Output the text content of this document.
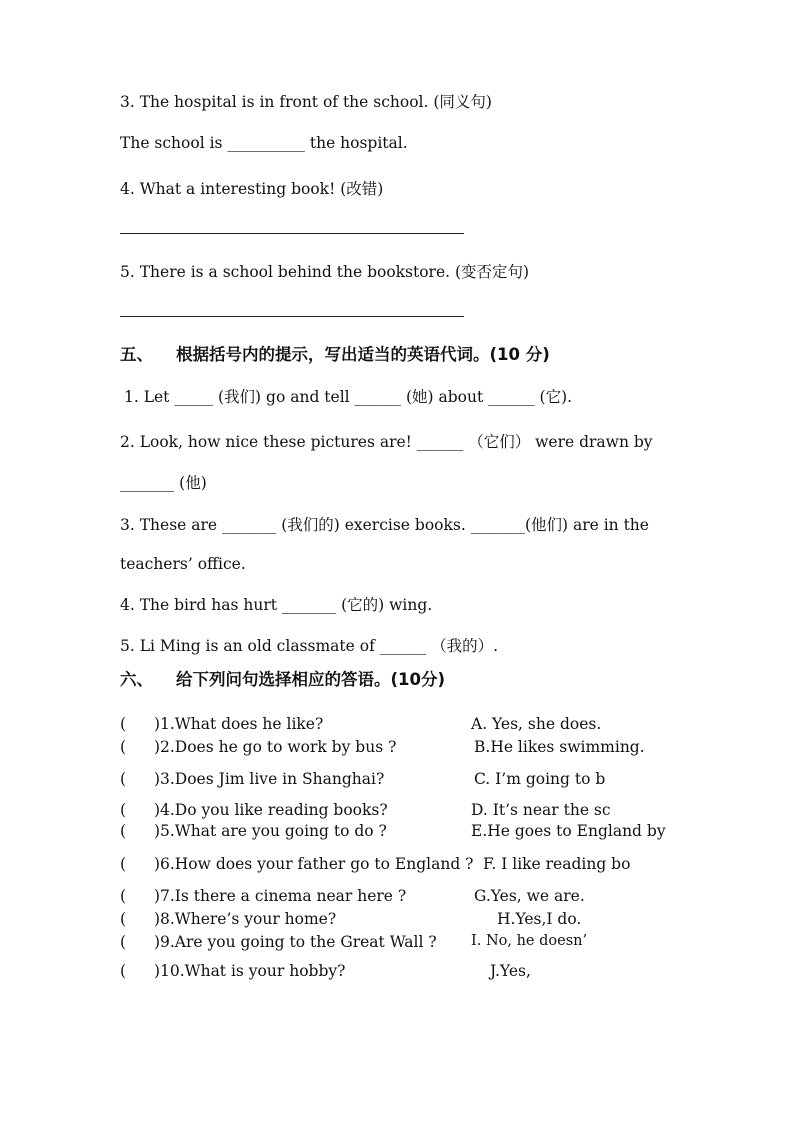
3. The hospital is in front of the school. (同义句)
The school is __________ the hospital.
4. What a interesting book! (改错)
5. There is a school behind the bookstore. (变否定句)
五、 根据括号内的提示，写出适当的英语代词。(10 分)
1. Let _____ (我们) go and tell ______ (她) about ______ (它).
2. Look, how nice these pictures are! ______ （它们） were drawn by
_______ (他)
3. These are _______ (我们的) exercise books. _______(他们) are in the
teachers’ office.
4. The bird has hurt _______ (它的) wing.
5. Li Ming is an old classmate of ______ （我的）.
六、 给下列问句选择相应的答语。(10分)
( ) 1.What does he like?	A. Yes, she does.
( ) 2.Does he go to work by bus ?	B.He likes swimming.
( ) 3.Does Jim live in Shanghai?	C. I’m going to b
( ) 4.Do you like reading books?	D. It’s near the sc
( ) 5.What are you going to do ?	E.He goes to England by
( ) 6.How does your father go to England ? F. I like reading bo
( ) 7.Is there a cinema near here ?	G.Yes, we are.
( ) 8.Where’s your home?	H.Yes,I do.
( ) 9.Are you going to the Great Wall ? I. No, he doesn’
( ) 10.What is your hobby?	J.Yes,
